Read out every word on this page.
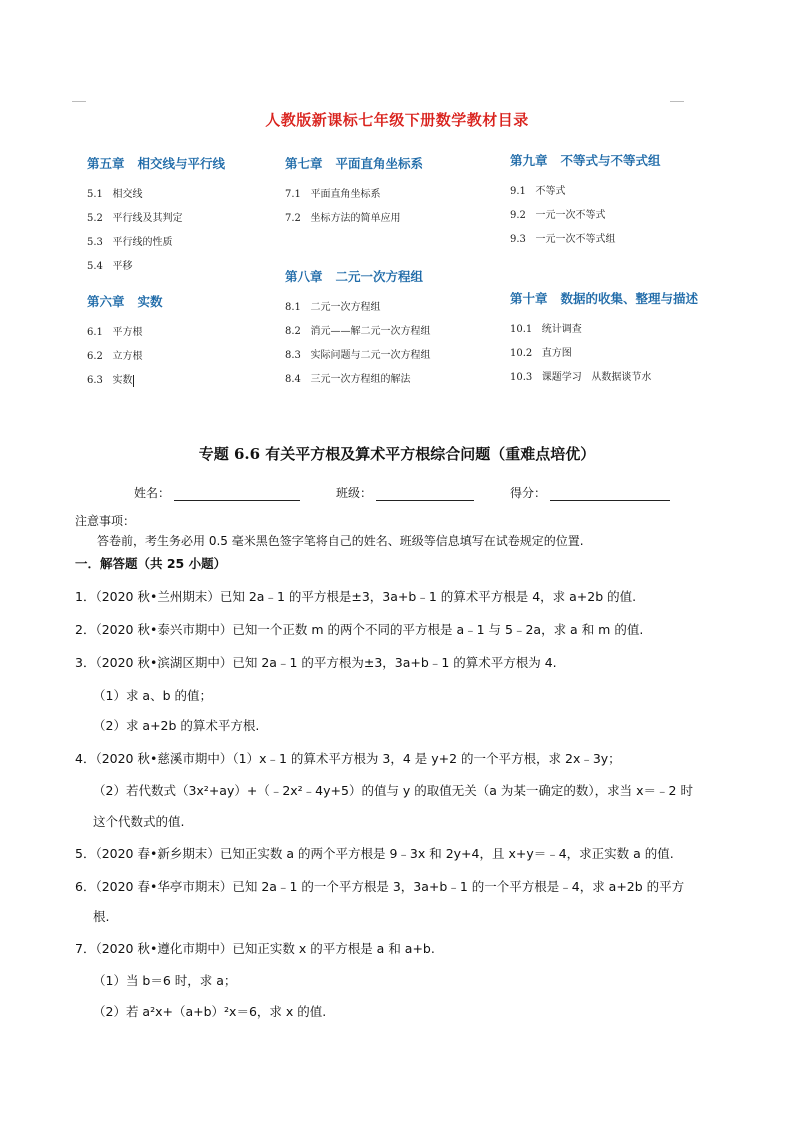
人教版新课标七年级下册数学教材目录
第五章   相交线与平行线
5.1   相交线
5.2   平行线及其判定
5.3   平行线的性质
5.4   平移
第六章   实数
6.1   平方根
6.2   立方根
6.3   实数
第七章   平面直角坐标系
7.1   平面直角坐标系
7.2   坐标方法的简单应用
第八章   二元一次方程组
8.1   二元一次方程组
8.2   消元——解二元一次方程组
8.3   实际问题与二元一次方程组
8.4   三元一次方程组的解法
第九章   不等式与不等式组
9.1   不等式
9.2   一元一次不等式
9.3   一元一次不等式组
第十章   数据的收集、整理与描述
10.1   统计调查
10.2   直方图
10.3   课题学习   从数据谈节水
专题 6.6 有关平方根及算术平方根综合问题（重难点培优）
姓名：	班级：	得分：
注意事项：
答卷前，考生务必用 0.5 毫米黑色签字笔将自己的姓名、班级等信息填写在试卷规定的位置.
一．解答题（共 25 小题）
1．（2020 秋•兰州期末）已知 2a﹣1 的平方根是±3，3a+b﹣1 的算术平方根是 4，求 a+2b 的值.
2．（2020 秋•泰兴市期中）已知一个正数 m 的两个不同的平方根是 a﹣1 与 5﹣2a，求 a 和 m 的值.
3．（2020 秋•滨湖区期中）已知 2a﹣1 的平方根为±3，3a+b﹣1 的算术平方根为 4.
（1）求 a、b 的值；
（2）求 a+2b 的算术平方根.
4．（2020 秋•慈溪市期中）（1）x﹣1 的算术平方根为 3，4 是 y+2 的一个平方根，求 2x﹣3y；
（2）若代数式（3x²+ay）+（﹣2x²﹣4y+5）的值与 y 的取值无关（a 为某一确定的数），求当 x＝﹣2 时
这个代数式的值.
5．（2020 春•新乡期末）已知正实数 a 的两个平方根是 9﹣3x 和 2y+4，且 x+y＝﹣4，求正实数 a 的值.
6．（2020 春•华亭市期末）已知 2a﹣1 的一个平方根是 3，3a+b﹣1 的一个平方根是﹣4，求 a+2b 的平方
根.
7．（2020 秋•遵化市期中）已知正实数 x 的平方根是 a 和 a+b.
（1）当 b＝6 时，求 a；
（2）若 a²x+（a+b）²x＝6，求 x 的值.
